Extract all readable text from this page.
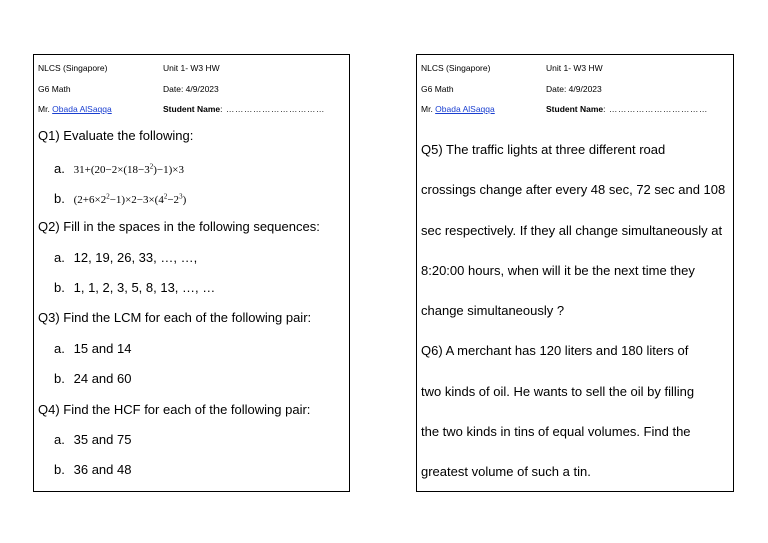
NLCS (Singapore)	Unit 1- W3 HW
G6 Math	Date: 4/9/2023
Mr. Obada AlSaqqa	Student Name: ……………………………
Q1) Evaluate the following:
a. $31+(20-2\times(18-3^2)-1)\times 3$
b. $(2+6\times 2^2-1)\times 2-3\times(4^2-2^3)$
Q2) Fill in the spaces in the following sequences:
a. 12, 19, 26, 33, …, …,
b. 1, 1, 2, 3, 5, 8, 13, …, …
Q3) Find the LCM for each of the following pair:
a. 15 and 14
b. 24 and 60
Q4) Find the HCF for each of the following pair:
a. 35 and 75
b. 36 and 48
NLCS (Singapore)	Unit 1- W3 HW
G6 Math	Date: 4/9/2023
Mr. Obada AlSaqqa	Student Name: ……………………………
Q5) The traffic lights at three different road
crossings change after every 48 sec, 72 sec and 108
sec respectively. If they all change simultaneously at
8:20:00 hours, when will it be the next time they
change simultaneously ?
Q6) A merchant has 120 liters and 180 liters of
two kinds of oil. He wants to sell the oil by filling
the two kinds in tins of equal volumes. Find the
greatest volume of such a tin.
